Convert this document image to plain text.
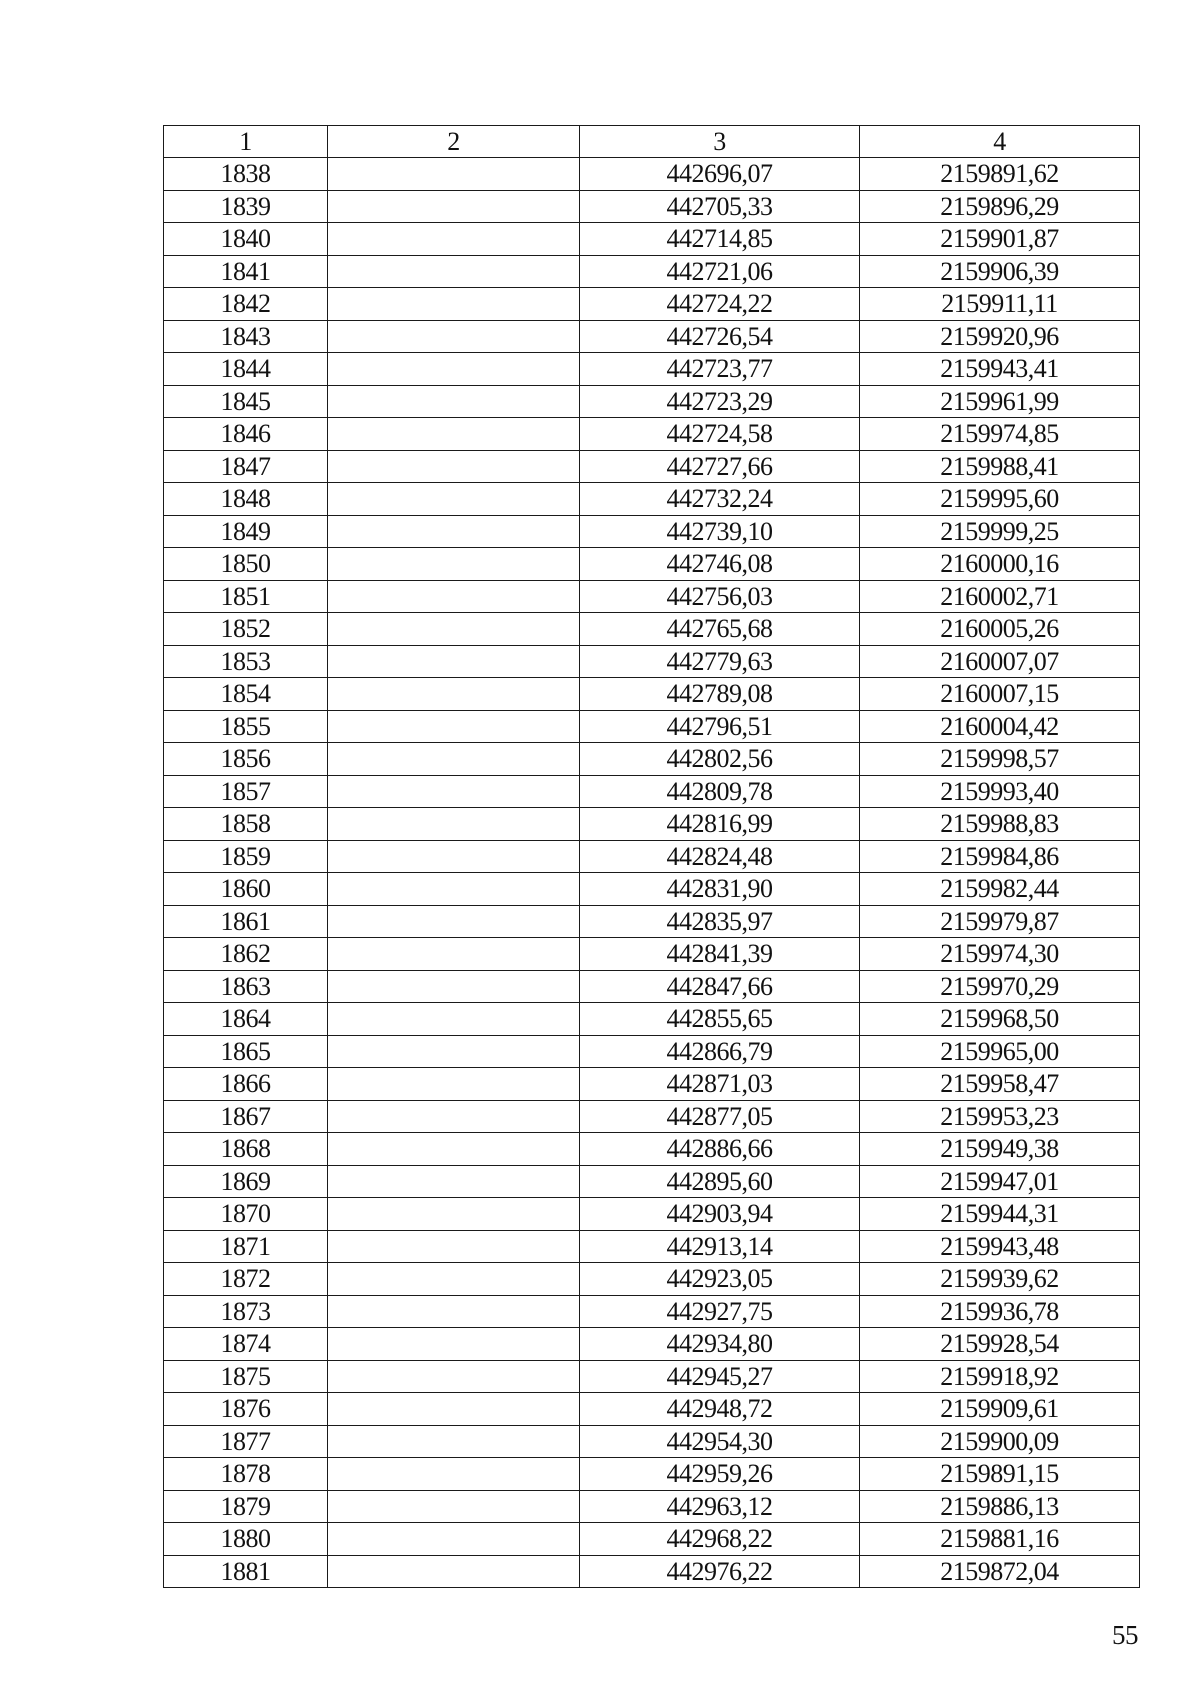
1	2	3	4
1838		442696,07	2159891,62
1839		442705,33	2159896,29
1840		442714,85	2159901,87
1841		442721,06	2159906,39
1842		442724,22	2159911,11
1843		442726,54	2159920,96
1844		442723,77	2159943,41
1845		442723,29	2159961,99
1846		442724,58	2159974,85
1847		442727,66	2159988,41
1848		442732,24	2159995,60
1849		442739,10	2159999,25
1850		442746,08	2160000,16
1851		442756,03	2160002,71
1852		442765,68	2160005,26
1853		442779,63	2160007,07
1854		442789,08	2160007,15
1855		442796,51	2160004,42
1856		442802,56	2159998,57
1857		442809,78	2159993,40
1858		442816,99	2159988,83
1859		442824,48	2159984,86
1860		442831,90	2159982,44
1861		442835,97	2159979,87
1862		442841,39	2159974,30
1863		442847,66	2159970,29
1864		442855,65	2159968,50
1865		442866,79	2159965,00
1866		442871,03	2159958,47
1867		442877,05	2159953,23
1868		442886,66	2159949,38
1869		442895,60	2159947,01
1870		442903,94	2159944,31
1871		442913,14	2159943,48
1872		442923,05	2159939,62
1873		442927,75	2159936,78
1874		442934,80	2159928,54
1875		442945,27	2159918,92
1876		442948,72	2159909,61
1877		442954,30	2159900,09
1878		442959,26	2159891,15
1879		442963,12	2159886,13
1880		442968,22	2159881,16
1881		442976,22	2159872,04
55
